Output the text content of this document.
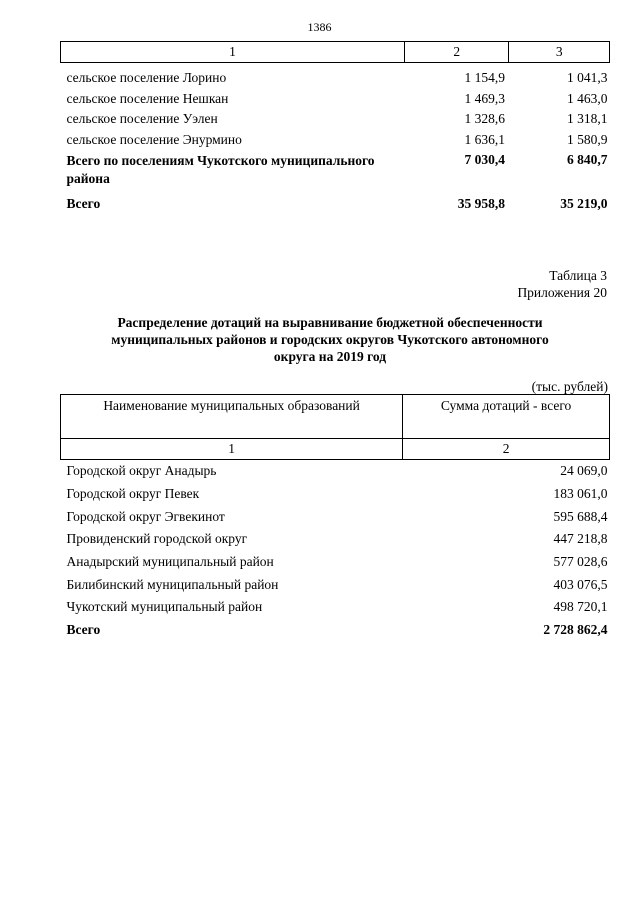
1386
1	2	3

сельское поселение Лорино	1 154,9	1 041,3
сельское поселение Нешкан	1 469,3	1 463,0
сельское поселение Уэлен	1 328,6	1 318,1
сельское поселение Энурмино	1 636,1	1 580,9
Всего по поселениям Чукотского муниципального района	7 030,4	6 840,7
Всего	35 958,8	35 219,0
Таблица 3
Приложения 20
Распределение дотаций на выравнивание бюджетной обеспеченности
муниципальных районов и городских округов Чукотского автономного
округа на 2019 год
(тыс. рублей)
Наименование муниципальных образований	Сумма дотаций - всего
1	2
Городской округ Анадырь	24 069,0
Городской округ Певек	183 061,0
Городской округ Эгвекинот	595 688,4
Провиденский городской округ	447 218,8
Анадырский муниципальный район	577 028,6
Билибинский муниципальный район	403 076,5
Чукотский муниципальный район	498 720,1
Всего	2 728 862,4
